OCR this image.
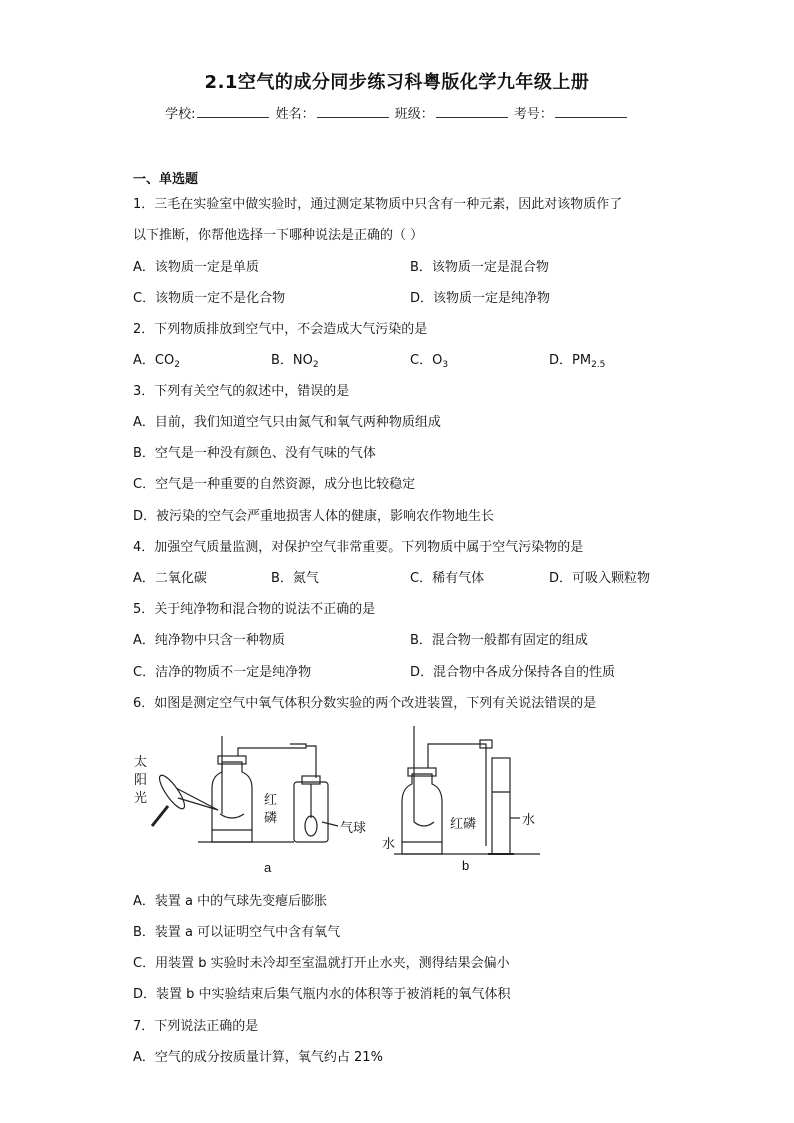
2.1空气的成分同步练习科粤版化学九年级上册
学校:	姓名：	班级：	考号：
一、单选题
1．三毛在实验室中做实验时，通过测定某物质中只含有一种元素，因此对该物质作了
以下推断，你帮他选择一下哪种说法是正确的（ ）
A．该物质一定是单质	B．该物质一定是混合物
C．该物质一定不是化合物	D．该物质一定是纯净物
2．下列物质排放到空气中，不会造成大气污染的是
A．$CO_2$	B．$NO_2$	C．$O_3$	D．$PM_{2.5}$
3．下列有关空气的叙述中，错误的是
A．目前，我们知道空气只由氮气和氧气两种物质组成
B．空气是一种没有颜色、没有气味的气体
C．空气是一种重要的自然资源，成分也比较稳定
D．被污染的空气会严重地损害人体的健康，影响农作物地生长
4．加强空气质量监测，对保护空气非常重要。下列物质中属于空气污染物的是
A．二氧化碳	B．氮气	C．稀有气体	D．可吸入颗粒物
5．关于纯净物和混合物的说法不正确的是
A．纯净物中只含一种物质	B．混合物一般都有固定的组成
C．洁净的物质不一定是纯净物	D．混合物中各成分保持各自的性质
6．如图是测定空气中氧气体积分数实验的两个改进装置，下列有关说法错误的是
太
阳
光	红
磷
气球
a
水
红磷	水
b
A．装置 a 中的气球先变瘪后膨胀
B．装置 a 可以证明空气中含有氧气
C．用装置 b 实验时未冷却至室温就打开止水夹，测得结果会偏小
D．装置 b 中实验结束后集气瓶内水的体积等于被消耗的氧气体积
7．下列说法正确的是
A．空气的成分按质量计算，氧气约占 21%
